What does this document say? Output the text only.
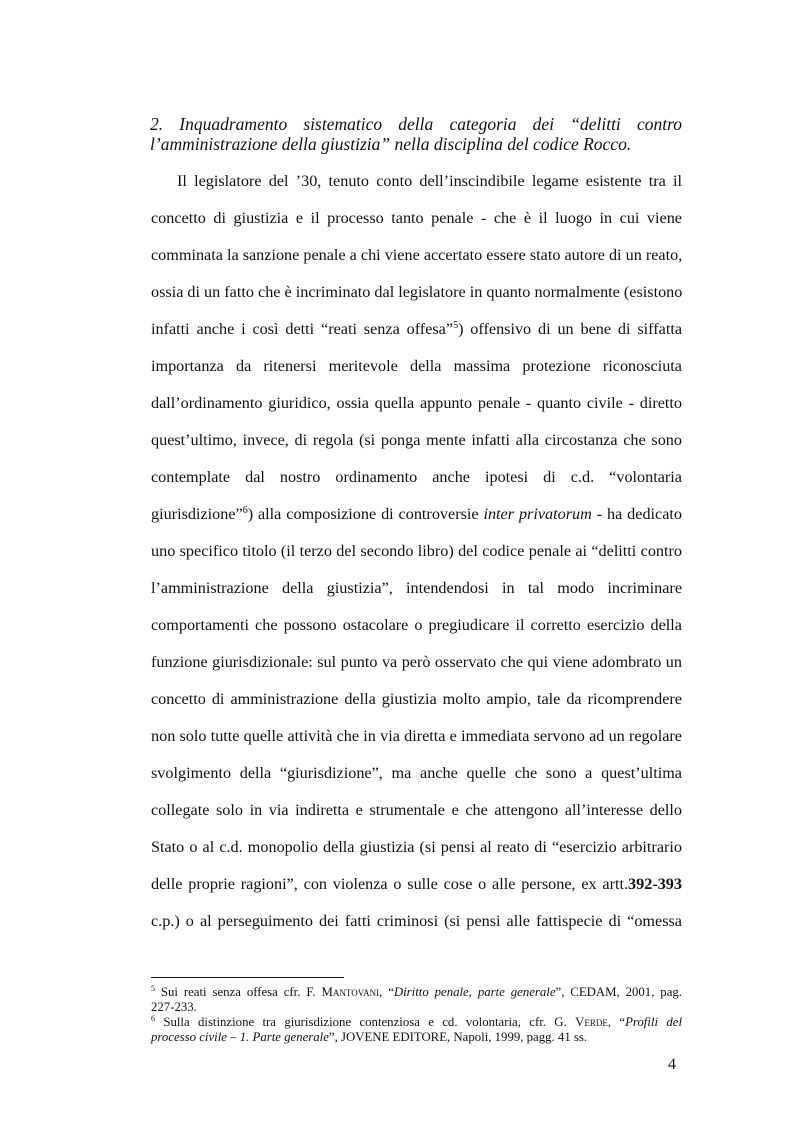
2. Inquadramento sistematico della categoria dei “delitti contro
l’amministrazione della giustizia” nella disciplina del codice Rocco.
Il legislatore del ’30, tenuto conto dell’inscindibile legame esistente tra il
concetto di giustizia e il processo tanto penale - che è il luogo in cui viene
comminata la sanzione penale a chi viene accertato essere stato autore di un reato,
ossia di un fatto che è incriminato dal legislatore in quanto normalmente (esistono
infatti anche i così detti “reati senza offesa”$^5$) offensivo di un bene di siffatta
importanza da ritenersi meritevole della massima protezione riconosciuta
dall’ordinamento giuridico, ossia quella appunto penale - quanto civile - diretto
quest’ultimo, invece, di regola (si ponga mente infatti alla circostanza che sono
contemplate dal nostro ordinamento anche ipotesi di c.d. “volontaria
giurisdizione”$^6$) alla composizione di controversie inter privatorum - ha dedicato
uno specifico titolo (il terzo del secondo libro) del codice penale ai “delitti contro
l’amministrazione della giustizia”, intendendosi in tal modo incriminare
comportamenti che possono ostacolare o pregiudicare il corretto esercizio della
funzione giurisdizionale: sul punto va però osservato che qui viene adombrato un
concetto di amministrazione della giustizia molto ampio, tale da ricomprendere
non solo tutte quelle attività che in via diretta e immediata servono ad un regolare
svolgimento della “giurisdizione”, ma anche quelle che sono a quest’ultima
collegate solo in via indiretta e strumentale e che attengono all’interesse dello
Stato o al c.d. monopolio della giustizia (si pensi al reato di “esercizio arbitrario
delle proprie ragioni”, con violenza o sulle cose o alle persone, ex artt.392-393
c.p.) o al perseguimento dei fatti criminosi (si pensi alle fattispecie di “omessa
$^5$ Sui reati senza offesa cfr. F. Mantovani, “Diritto penale, parte generale”, CEDAM, 2001, pag.
227-233.
$^6$ Sulla distinzione tra giurisdizione contenziosa e cd. volontaria, cfr. G. Verde, “Profili del
processo civile – 1. Parte generale”, JOVENE EDITORE, Napoli, 1999, pagg. 41 ss.
4
